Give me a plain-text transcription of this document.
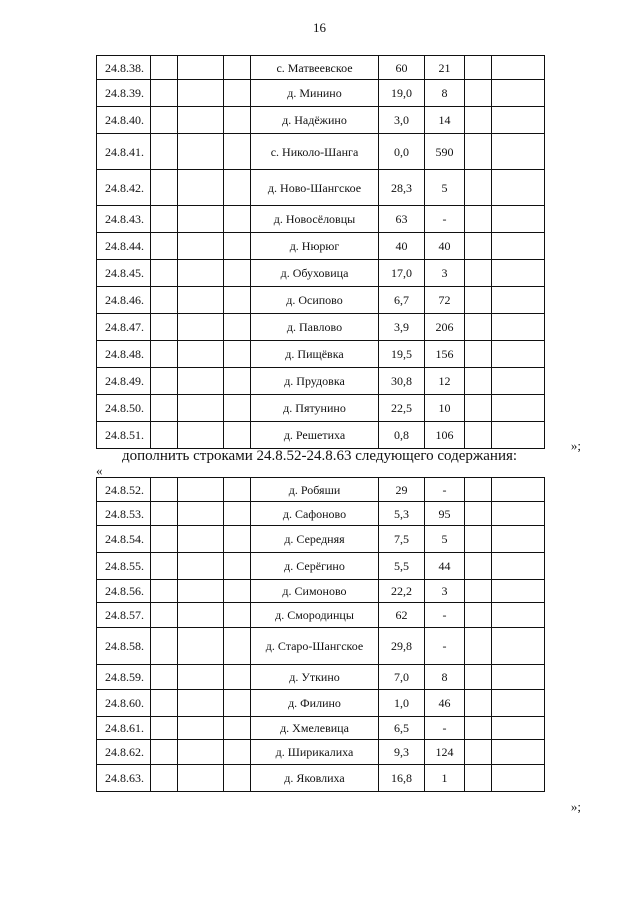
16
24.8.38.				с. Матвеевское	60	21		
24.8.39.				д. Минино	19,0	8		
24.8.40.				д. Надёжино	3,0	14		
24.8.41.				с. Николо-Шанга	0,0	590		
24.8.42.				д. Ново-Шангское	28,3	5		
24.8.43.				д. Новосёловцы	63	-		
24.8.44.				д. Нюрюг	40	40		
24.8.45.				д. Обуховица	17,0	3		
24.8.46.				д. Осипово	6,7	72		
24.8.47.				д. Павлово	3,9	206		
24.8.48.				д. Пищёвка	19,5	156		
24.8.49.				д. Прудовка	30,8	12		
24.8.50.				д. Пятунино	22,5	10		
24.8.51.				д. Решетиха	0,8	106		
»;
дополнить строками 24.8.52-24.8.63 следующего содержания:
«
24.8.52.				д. Робяши	29	-		
24.8.53.				д. Сафоново	5,3	95		
24.8.54.				д. Середняя	7,5	5		
24.8.55.				д. Серёгино	5,5	44		
24.8.56.				д. Симоново	22,2	3		
24.8.57.				д. Смородинцы	62	-		
24.8.58.				д. Старо-Шангское	29,8	-		
24.8.59.				д. Уткино	7,0	8		
24.8.60.				д. Филино	1,0	46		
24.8.61.				д. Хмелевица	6,5	-		
24.8.62.				д. Ширикалиха	9,3	124		
24.8.63.				д. Яковлиха	16,8	1		
»;
